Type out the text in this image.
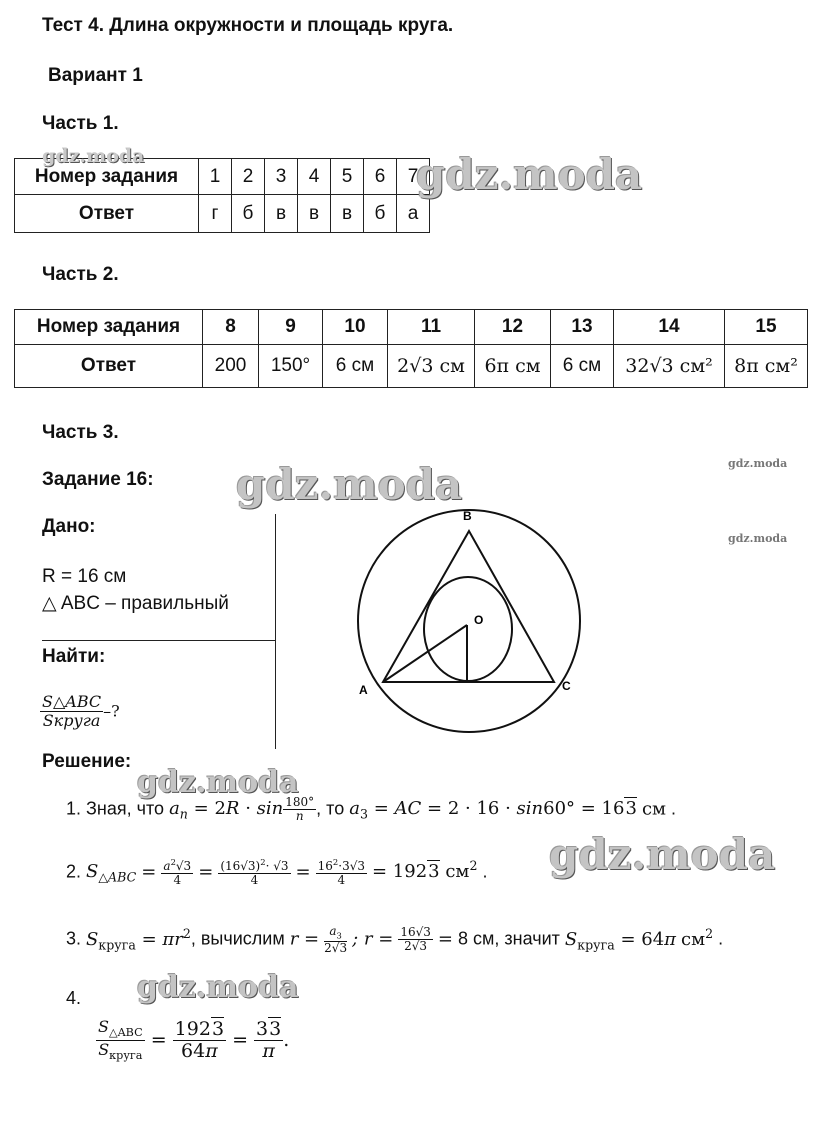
Тест 4. Длина окружности и площадь круга.
Вариант 1
Часть 1.
Номер задания	1	2	3	4	5	6	7
Ответ	г	б	в	в	в	б	а
Часть 2.
Номер задания	8	9	10	11	12	13	14	15
Ответ	200	150°	6 см	2√3 см	6π см	6 см	32√3 см²	8π см²
Часть 3.
Задание 16:
Дано:
R = 16 см
△ ABC – правильный
Найти:
$\frac{\text{S△ABC}}{\text{Sкруга}}$ –?
B
O
A	C
Решение:
1. Зная, что $a_n = 2R \cdot \sin \frac{180^\circ}{n}$ , то $a_3$ = AC = 2 · 16 · sin60° = 163 см .
2. $S_{\triangle ABC} = \frac{a^2√3}{4} = \frac{(16√3)^2\cdot √3}{4} = \frac{16^2\cdot 3√3}{4} = 1923$ $см^2$ .
3. $S_{круга} = \pi r^2$, вычислим $r = \frac{a_3}{2√3}$ ; $r = \frac{16√3}{2√3} = 8$ см, значит $S_{круга} = 64\pi$ $см^2$ .
4.
$\frac{S_{\triangle ABC}}{S_{круга}} = \frac{1923}{64\pi} = \frac{33}{\pi}$ .
gdz.moda	gdz.moda
gdz.moda	gdz.moda
gdz.moda
gdz.moda
gdz.moda
gdz.moda
